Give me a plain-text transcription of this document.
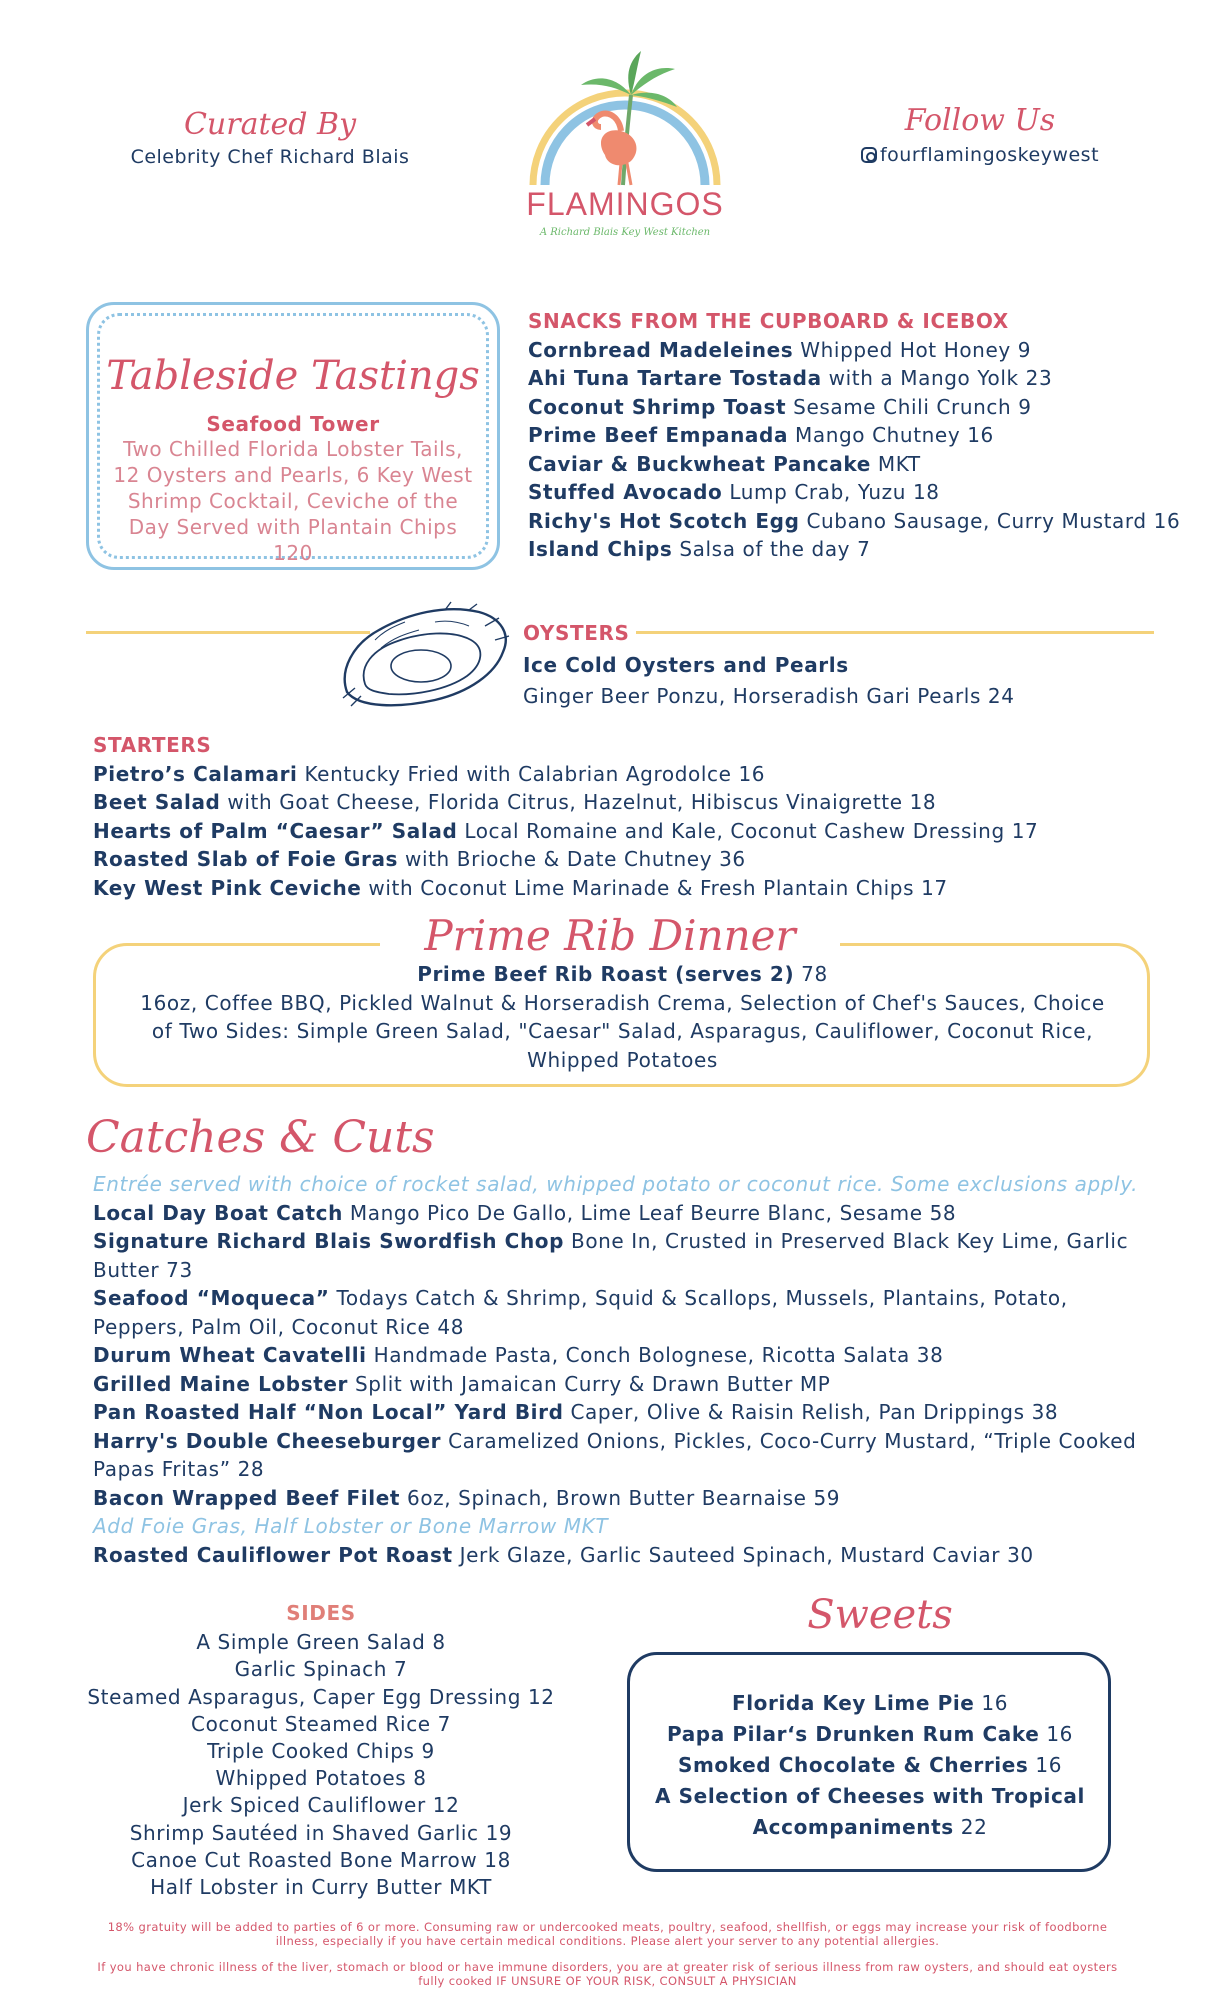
Curated By
Celebrity Chef Richard Blais
FLAMINGOS
A Richard Blais Key West Kitchen
Follow Us
fourflamingoskeywest
Tableside Tastings
Seafood Tower
Two Chilled Florida Lobster Tails,
12 Oysters and Pearls, 6 Key West
Shrimp Cocktail, Ceviche of the
Day Served with Plantain Chips
120
SNACKS FROM THE CUPBOARD & ICEBOX
Cornbread Madeleines Whipped Hot Honey 9
Ahi Tuna Tartare Tostada with a Mango Yolk 23
Coconut Shrimp Toast Sesame Chili Crunch 9
Prime Beef Empanada Mango Chutney 16
Caviar & Buckwheat Pancake MKT
Stuffed Avocado Lump Crab, Yuzu 18
Richy's Hot Scotch Egg Cubano Sausage, Curry Mustard 16
Island Chips Salsa of the day 7
OYSTERS
Ice Cold Oysters and Pearls
Ginger Beer Ponzu, Horseradish Gari Pearls 24
STARTERS
Pietro’s Calamari Kentucky Fried with Calabrian Agrodolce 16
Beet Salad with Goat Cheese, Florida Citrus, Hazelnut, Hibiscus Vinaigrette 18
Hearts of Palm “Caesar” Salad Local Romaine and Kale, Coconut Cashew Dressing 17
Roasted Slab of Foie Gras with Brioche & Date Chutney 36
Key West Pink Ceviche with Coconut Lime Marinade & Fresh Plantain Chips 17
Prime Rib Dinner
Prime Beef Rib Roast (serves 2) 78
16oz, Coffee BBQ, Pickled Walnut & Horseradish Crema, Selection of Chef's Sauces, Choice of Two Sides: Simple Green Salad, "Caesar" Salad, Asparagus, Cauliflower, Coconut Rice, Whipped Potatoes
Catches & Cuts
Entrée served with choice of rocket salad, whipped potato or coconut rice. Some exclusions apply.
Local Day Boat Catch Mango Pico De Gallo, Lime Leaf Beurre Blanc, Sesame 58
Signature Richard Blais Swordfish Chop Bone In, Crusted in Preserved Black Key Lime, Garlic Butter 73
Seafood “Moqueca” Todays Catch & Shrimp, Squid & Scallops, Mussels, Plantains, Potato, Peppers, Palm Oil, Coconut Rice 48
Durum Wheat Cavatelli Handmade Pasta, Conch Bolognese, Ricotta Salata 38
Grilled Maine Lobster Split with Jamaican Curry & Drawn Butter MP
Pan Roasted Half “Non Local” Yard Bird Caper, Olive & Raisin Relish, Pan Drippings 38
Harry's Double Cheeseburger Caramelized Onions, Pickles, Coco-Curry Mustard, “Triple Cooked Papas Fritas” 28
Bacon Wrapped Beef Filet 6oz, Spinach, Brown Butter Bearnaise 59
Add Foie Gras, Half Lobster or Bone Marrow MKT
Roasted Cauliflower Pot Roast Jerk Glaze, Garlic Sauteed Spinach, Mustard Caviar 30
SIDES
A Simple Green Salad 8
Garlic Spinach 7
Steamed Asparagus, Caper Egg Dressing 12
Coconut Steamed Rice 7
Triple Cooked Chips 9
Whipped Potatoes 8
Jerk Spiced Cauliflower 12
Shrimp Sautéed in Shaved Garlic 19
Canoe Cut Roasted Bone Marrow 18
Half Lobster in Curry Butter MKT
Sweets
Florida Key Lime Pie 16
Papa Pilar‘s Drunken Rum Cake 16
Smoked Chocolate & Cherries 16
A Selection of Cheeses with Tropical Accompaniments 22

18% gratuity will be added to parties of 6 or more. Consuming raw or undercooked meats, poultry, seafood, shellfish, or eggs may increase your risk of foodborne illness, especially if you have certain medical conditions. Please alert your server to any potential allergies.

If you have chronic illness of the liver, stomach or blood or have immune disorders, you are at greater risk of serious illness from raw oysters, and should eat oysters fully cooked IF UNSURE OF YOUR RISK, CONSULT A PHYSICIAN
